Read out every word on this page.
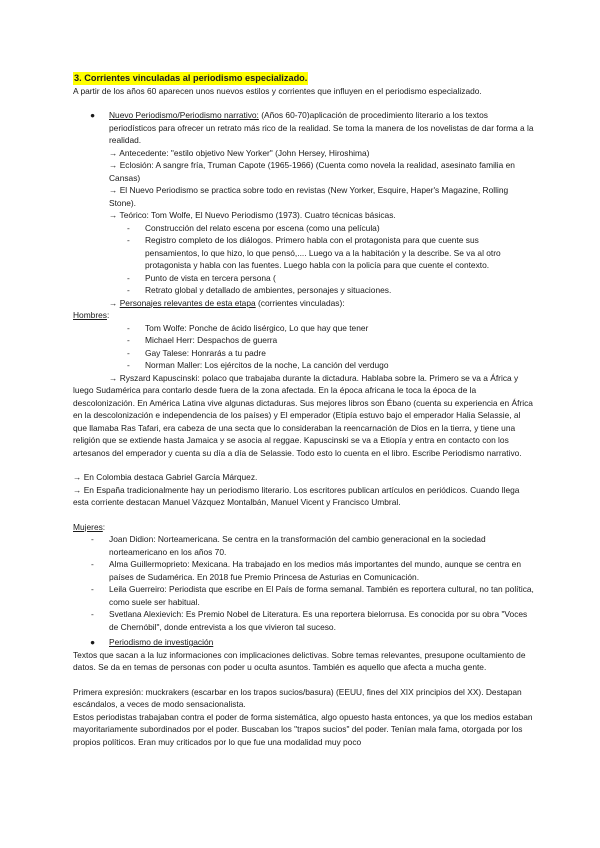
3. Corrientes vinculadas al periodismo especializado.

A partir de los años 60 aparecen unos nuevos estilos y corrientes que influyen en el periodismo especializado.

● Nuevo Periodismo/Periodismo narrativo: (Años 60-70)aplicación de procedimiento literario a los textos periodísticos para ofrecer un retrato más rico de la realidad. Se toma la manera de los novelistas de dar forma a la realidad.

→ Antecedente: "estilo objetivo New Yorker" (John Hersey, Hiroshima)

→ Eclosión: A sangre fría, Truman Capote (1965-1966) (Cuenta como novela la realidad, asesinato familia en Cansas)

→ El Nuevo Periodismo se practica sobre todo en revistas (New Yorker, Esquire, Haper's Magazine, Rolling Stone).

→ Teórico: Tom Wolfe, El Nuevo Periodismo (1973). Cuatro técnicas básicas.

- Construcción del relato escena por escena (como una película)
- Registro completo de los diálogos. Primero habla con el protagonista para que cuente sus pensamientos, lo que hizo, lo que pensó,.... Luego va a la habitación y la describe. Se va al otro protagonista y habla con las fuentes. Luego habla con la policía para que cuente el contexto.
- Punto de vista en tercera persona (
- Retrato global y detallado de ambientes, personajes y situaciones.

→ Personajes relevantes de esta etapa (corrientes vinculadas):

Hombres:

- Tom Wolfe: Ponche de ácido lisérgico, Lo que hay que tener
- Michael Herr: Despachos de guerra
- Gay Talese: Honrarás a tu padre
- Norman Maller: Los ejércitos de la noche, La canción del verdugo

→ Ryszard Kapuscinski: polaco que trabajaba durante la dictadura. Hablaba sobre la. Primero se va a África y luego Sudamérica para contarlo desde fuera de la zona afectada. En la época africana le toca la época de la descolonización. En América Latina vive algunas dictaduras. Sus mejores libros son Ébano (cuenta su experiencia en África en la descolonización e independencia de los países) y El emperador (Etipía estuvo bajo el emperador Halia Selassie, al que llamaba Ras Tafari, era cabeza de una secta que lo consideraban la reencarnación de Dios en la tierra, y tiene una religión que se extiende hasta Jamaica y se asocia al reggae. Kapuscinski se va a Etiopía y entra en contacto con los artesanos del emperador y cuenta su día a día de Selassie. Todo esto lo cuenta en el libro. Escribe Periodismo narrativo.

→ En Colombia destaca Gabriel García Márquez.

→ En España tradicionalmente hay un periodismo literario. Los escritores publican artículos en periódicos. Cuando llega esta corriente destacan Manuel Vázquez Montalbán, Manuel Vicent y Francisco Umbral.

Mujeres:

- Joan Didion: Norteamericana. Se centra en la transformación del cambio generacional en la sociedad norteamericano en los años 70.
- Alma Guillermoprieto: Mexicana. Ha trabajado en los medios más importantes del mundo, aunque se centra en países de Sudamérica. En 2018 fue Premio Princesa de Asturias en Comunicación.
- Leila Guerreiro: Periodista que escribe en El País de forma semanal. También es reportera cultural, no tan política, como suele ser habitual.
- Svetlana Alexievich: Es Premio Nobel de Literatura. Es una reportera bielorrusa. Es conocida por su obra "Voces de Chernóbil", donde entrevista a los que vivieron tal suceso.
● Periodismo de investigación

Textos que sacan a la luz informaciones con implicaciones delictivas. Sobre temas relevantes, presupone ocultamiento de datos. Se da en temas de personas con poder u oculta asuntos. También es aquello que afecta a mucha gente.

Primera expresión: muckrakers (escarbar en los trapos sucios/basura) (EEUU, fines del XIX principios del XX). Destapan escándalos, a veces de modo sensacionalista.

Estos periodistas trabajaban contra el poder de forma sistemática, algo opuesto hasta entonces, ya que los medios estaban mayoritariamente subordinados por el poder. Buscaban los "trapos sucios" del poder. Tenían mala fama, otorgada por los propios políticos. Eran muy criticados por lo que fue una modalidad muy poco
